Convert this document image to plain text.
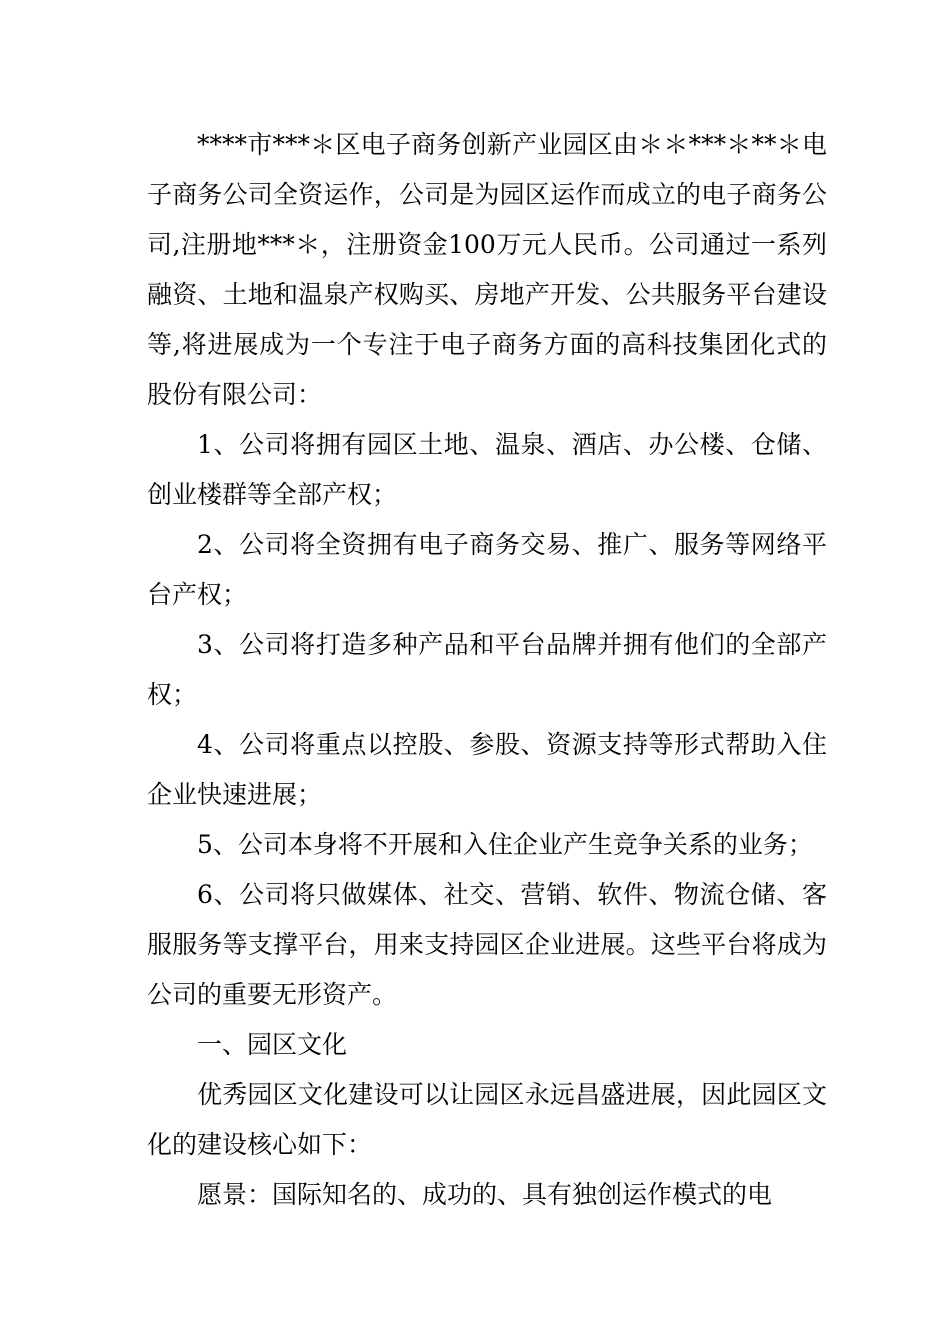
****市***＊区电子商务创新产业园区由＊＊***＊**＊电子商务公司全资运作，公司是为园区运作而成立的电子商务公司,注册地***＊，注册资金100万元人民币。公司通过一系列融资、土地和温泉产权购买、房地产开发、公共服务平台建设等,将进展成为一个专注于电子商务方面的高科技集团化式的股份有限公司：

1、公司将拥有园区土地、温泉、酒店、办公楼、仓储、创业楼群等全部产权；

2、公司将全资拥有电子商务交易、推广、服务等网络平台产权；

3、公司将打造多种产品和平台品牌并拥有他们的全部产权；

4、公司将重点以控股、参股、资源支持等形式帮助入住企业快速进展；

5、公司本身将不开展和入住企业产生竞争关系的业务；

6、公司将只做媒体、社交、营销、软件、物流仓储、客服服务等支撑平台，用来支持园区企业进展。这些平台将成为公司的重要无形资产。

一、园区文化

优秀园区文化建设可以让园区永远昌盛进展，因此园区文化的建设核心如下：

愿景：国际知名的、成功的、具有独创运作模式的电
